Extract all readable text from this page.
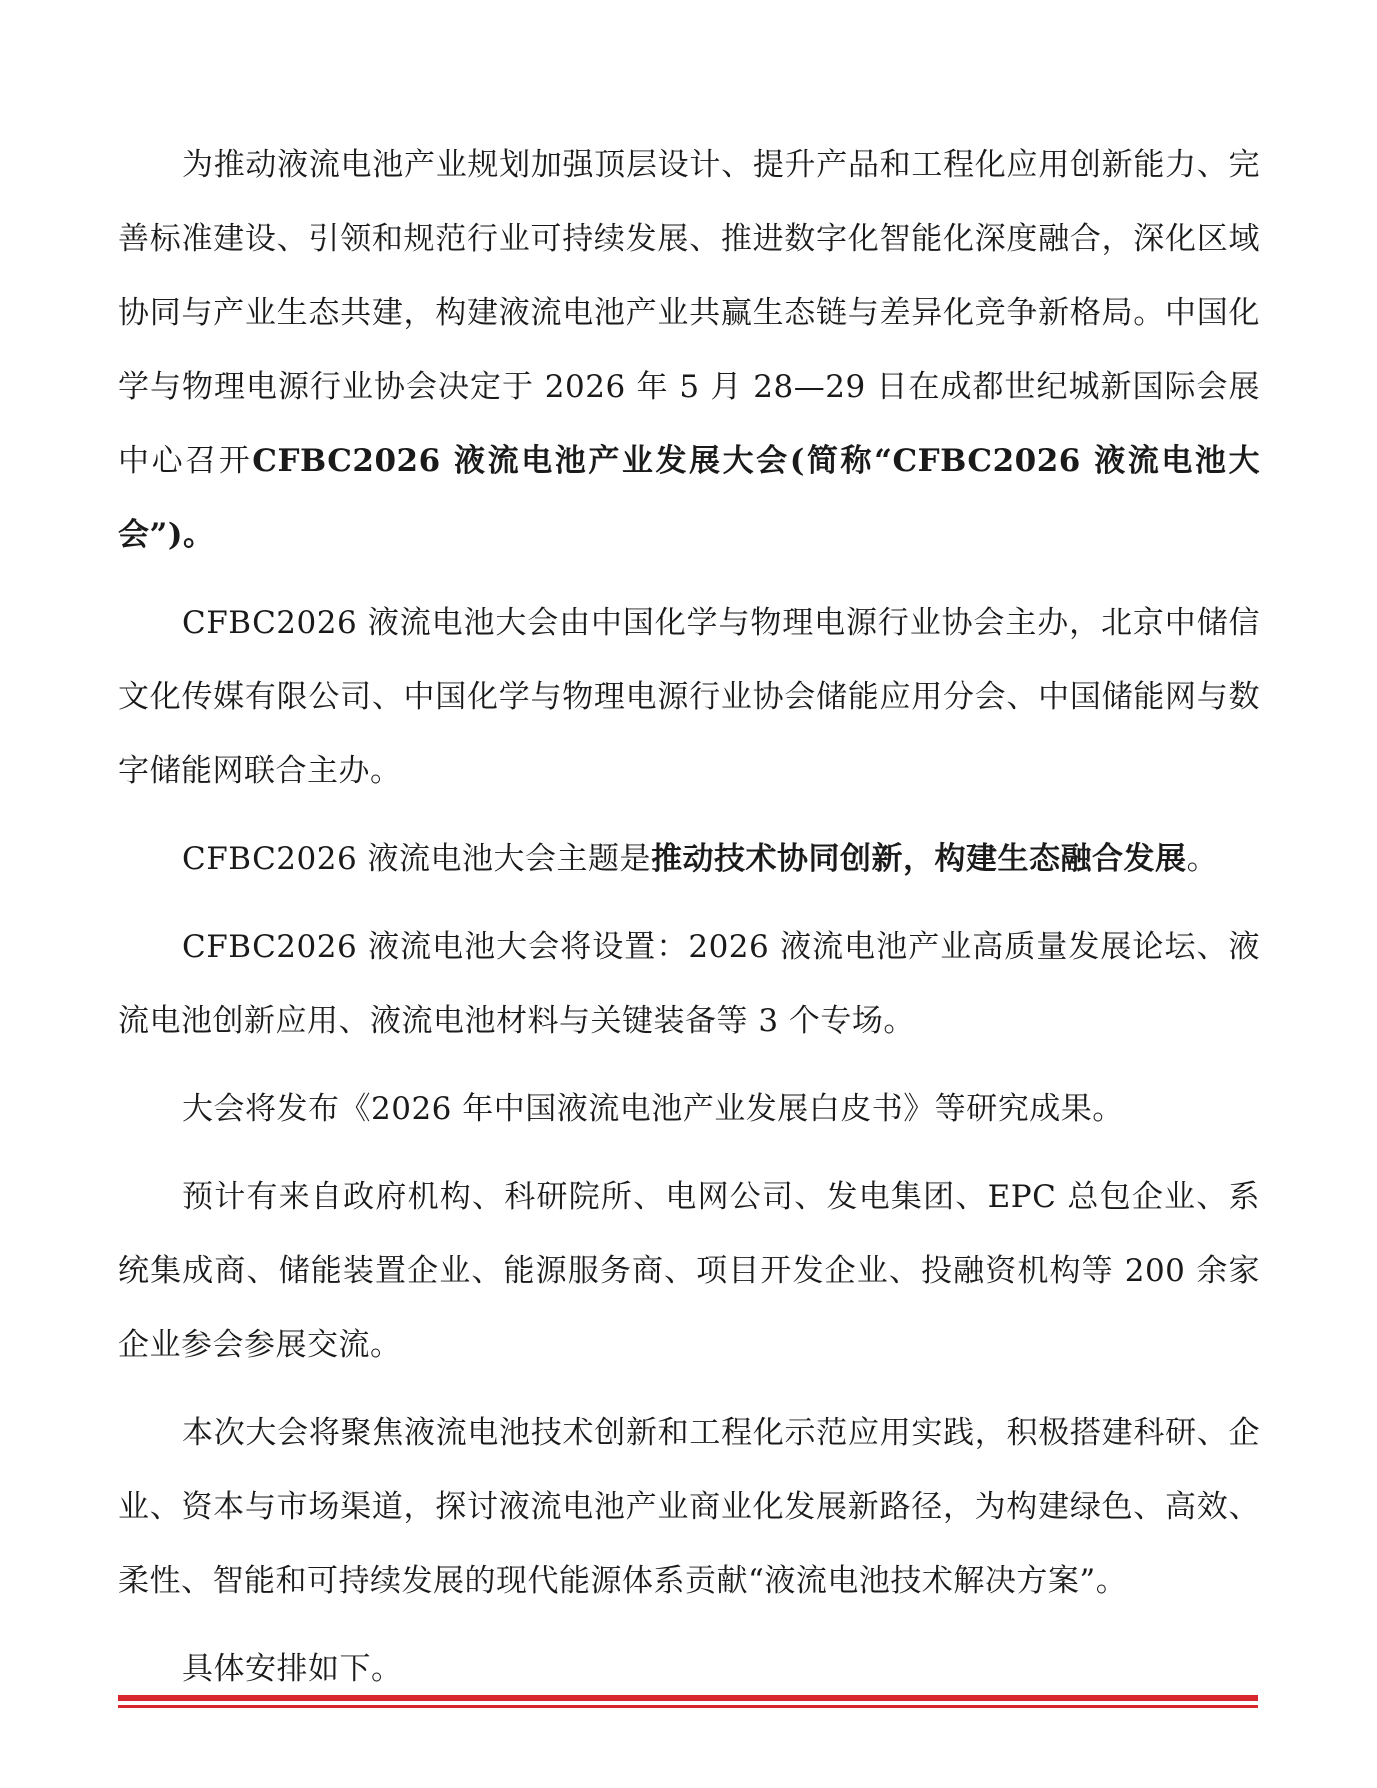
为推动液流电池产业规划加强顶层设计、提升产品和工程化应用创新能力、完善标准建设、引领和规范行业可持续发展、推进数字化智能化深度融合，深化区域协同与产业生态共建，构建液流电池产业共赢生态链与差异化竞争新格局。中国化学与物理电源行业协会决定于 2026 年 5 月 28—29 日在成都世纪城新国际会展中心召开CFBC2026 液流电池产业发展大会(简称“CFBC2026 液流电池大会”)。

CFBC2026 液流电池大会由中国化学与物理电源行业协会主办，北京中储信文化传媒有限公司、中国化学与物理电源行业协会储能应用分会、中国储能网与数字储能网联合主办。

CFBC2026 液流电池大会主题是推动技术协同创新，构建生态融合发展。

CFBC2026 液流电池大会将设置：2026 液流电池产业高质量发展论坛、液流电池创新应用、液流电池材料与关键装备等 3 个专场。

大会将发布《2026 年中国液流电池产业发展白皮书》等研究成果。

预计有来自政府机构、科研院所、电网公司、发电集团、EPC 总包企业、系统集成商、储能装置企业、能源服务商、项目开发企业、投融资机构等 200 余家企业参会参展交流。

本次大会将聚焦液流电池技术创新和工程化示范应用实践，积极搭建科研、企业、资本与市场渠道，探讨液流电池产业商业化发展新路径，为构建绿色、高效、柔性、智能和可持续发展的现代能源体系贡献“液流电池技术解决方案”。

具体安排如下。
